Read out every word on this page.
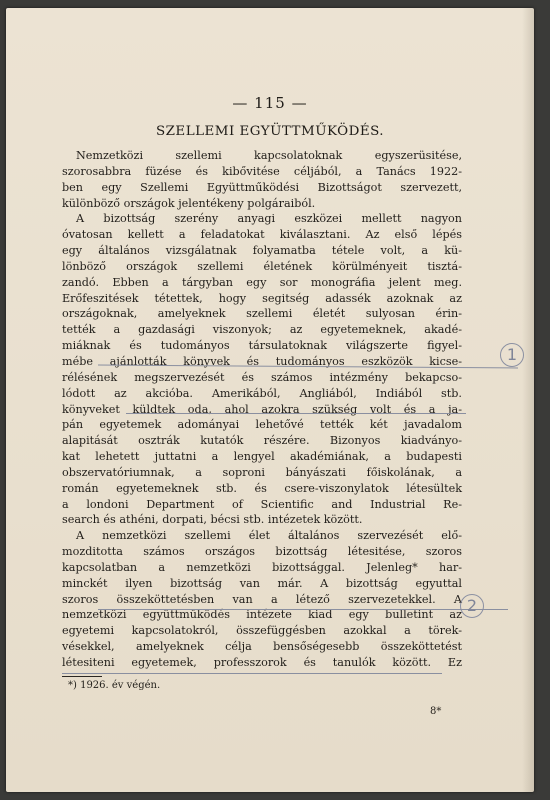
— 115 —
SZELLEMI EGYÜTTMŰKÖDÉS.
Nemzetközi szellemi kapcsolatoknak egyszerüsitése,
szorosabbra füzése és kibővitése céljából, a Tanács 1922-
ben egy Szellemi Együttműködési Bizottságot szervezett,
különböző országok jelentékeny polgáraiból.
A bizottság szerény anyagi eszközei mellett nagyon
óvatosan kellett a feladatokat kiválasztani. Az első lépés
egy általános vizsgálatnak folyamatba tétele volt, a kü-
lönböző országok szellemi életének körülményeit tisztá-
zandó. Ebben a tárgyban egy sor monográfia jelent meg.
Erőfeszitések tétettek, hogy segitség adassék azoknak az
országoknak, amelyeknek szellemi életét sulyosan érin-
tették a gazdasági viszonyok; az egyetemeknek, akadé-
miáknak és tudományos társulatoknak világszerte figyel-
mébe ajánlották könyvek és tudományos eszközök kicse-
rélésének megszervezését és számos intézmény bekapcso-
lódott az akcióba. Amerikából, Angliából, Indiából stb.
könyveket küldtek oda, ahol azokra szükség volt és a ja-
pán egyetemek adományai lehetővé tették két javadalom
alapitását osztrák kutatók részére. Bizonyos kiadványo-
kat lehetett juttatni a lengyel akadémiának, a budapesti
obszervatóriumnak, a soproni bányászati főiskolának, a
román egyetemeknek stb. és csere-viszonylatok létesültek
a londoni Department of Scientific and Industrial Re-
search és athéni, dorpati, bécsi stb. intézetek között.
A nemzetközi szellemi élet általános szervezését elő-
mozditotta számos országos bizottság létesitése, szoros
kapcsolatban a nemzetközi bizottsággal. Jelenleg* har-
minckét ilyen bizottság van már. A bizottság egyuttal
szoros összeköttetésben van a létező szervezetekkel. A
nemzetközi együttműködés intézete kiad egy bulletint az
egyetemi kapcsolatokról, összefüggésben azokkal a törek-
vésekkel, amelyeknek célja bensőségesebb összeköttetést
létesiteni egyetemek, professzorok és tanulók között. Ez
1
2
*) 1926. év végén.
8*
